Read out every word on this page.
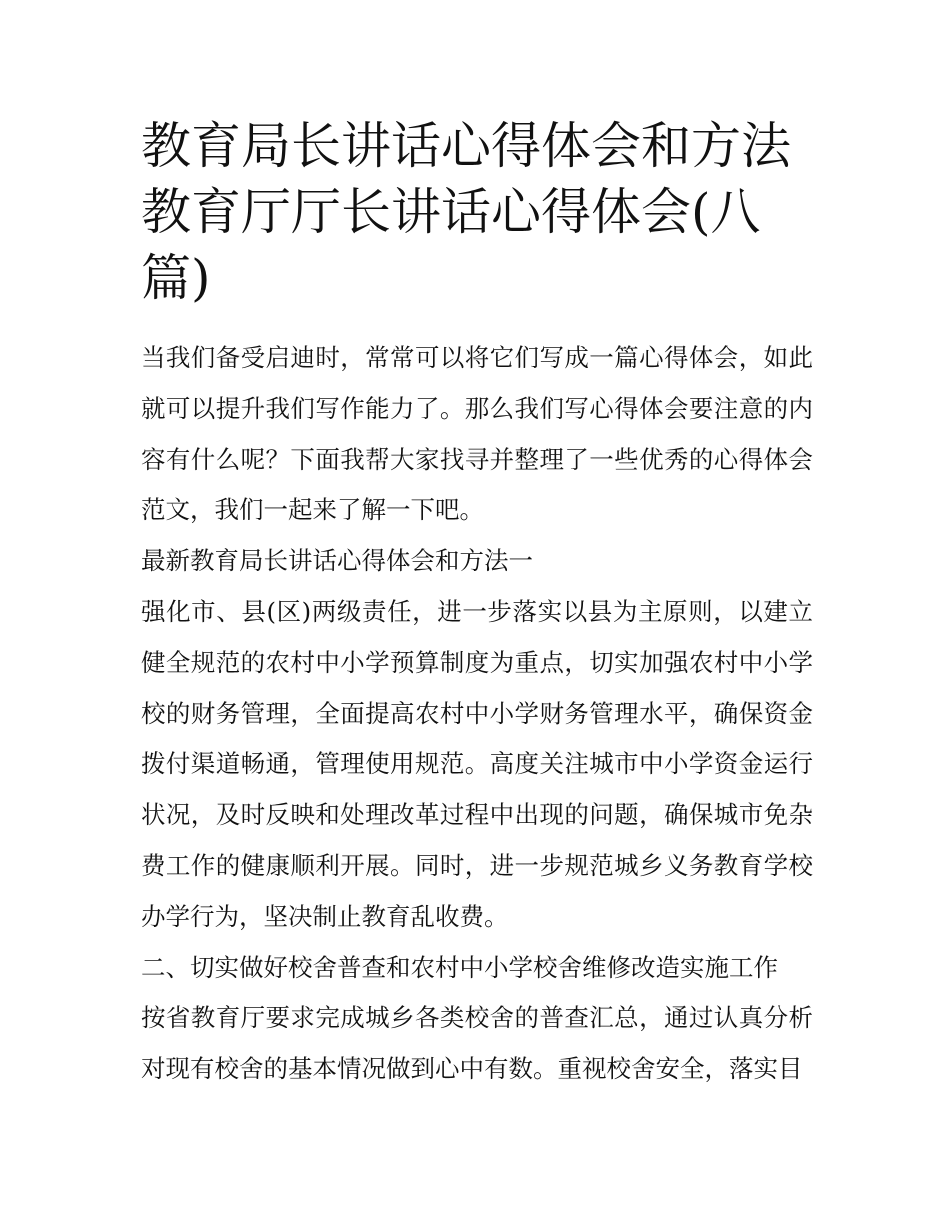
教育局长讲话心得体会和方法教育厅厅长讲话心得体会(八篇)

当我们备受启迪时，常常可以将它们写成一篇心得体会，如此就可以提升我们写作能力了。那么我们写心得体会要注意的内容有什么呢？下面我帮大家找寻并整理了一些优秀的心得体会范文，我们一起来了解一下吧。

最新教育局长讲话心得体会和方法一

强化市、县(区)两级责任，进一步落实以县为主原则，以建立健全规范的农村中小学预算制度为重点，切实加强农村中小学校的财务管理，全面提高农村中小学财务管理水平，确保资金拨付渠道畅通，管理使用规范。高度关注城市中小学资金运行状况，及时反映和处理改革过程中出现的问题，确保城市免杂费工作的健康顺利开展。同时，进一步规范城乡义务教育学校办学行为，坚决制止教育乱收费。

二、切实做好校舍普查和农村中小学校舍维修改造实施工作

按省教育厅要求完成城乡各类校舍的普查汇总，通过认真分析对现有校舍的基本情况做到心中有数。重视校舍安全，落实目
